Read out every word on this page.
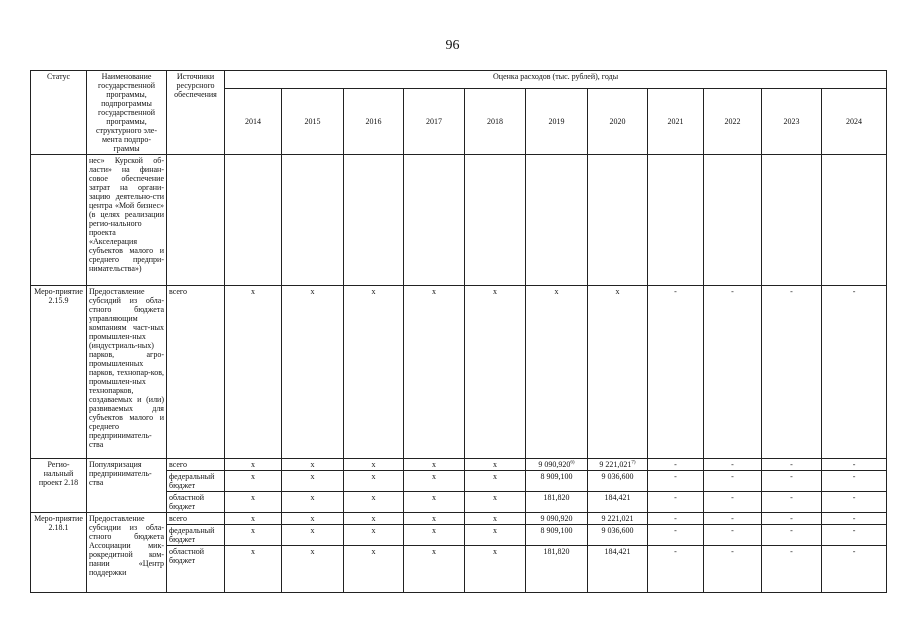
96
Статус	Наименование государственной программы, подпрограммы государственной программы, структурного эле-мента подпро-граммы	Источники ресурсного обеспечения	Оценка расходов (тыс. рублей), годы										
			2014	2015	2016	2017	2018	2019	2020	2021	2022	2023	2024
	нес» Курской об-ласти» на финан-совое обеспечение затрат на органи-зацию деятельно-сти центра «Мой бизнес» (в целях реализации регио-нального проекта «Акселерация субъектов малого и среднего предпри-нимательства»)												
Меро-приятие 2.15.9	Предоставление субсидий из обла-стного бюджета управляющим компаниям част-ных промышлен-ных (индустриаль-ных) парков, агро-промышленных парков, технопар-ков, промышлен-ных технопарков, создаваемых и (или) развиваемых для субъектов малого и среднего предприниматель-ства	всего	x	x	x	x	x	x	x	-	-	-	-
Регио-нальный проект 2.18	Популяризация предприниматель-ства	всего	x	x	x	x	x	9 090,920$^{6)}$	9 221,021$^{7)}$	-	-	-	-
		федеральный бюджет	x	x	x	x	x	8 909,100	9 036,600	-	-	-	-
		областной бюджет	x	x	x	x	x	181,820	184,421	-	-	-	-
Меро-приятие 2.18.1	Предоставление субсидии из обла-стного бюджета Ассоциации мик-рокредитной ком-пании «Центр поддержки	всего	x	x	x	x	x	9 090,920	9 221,021	-	-	-	-
		федеральный бюджет	x	x	x	x	x	8 909,100	9 036,600	-	-	-	-
		областной бюджет	x	x	x	x	x	181,820	184,421	-	-	-	-
